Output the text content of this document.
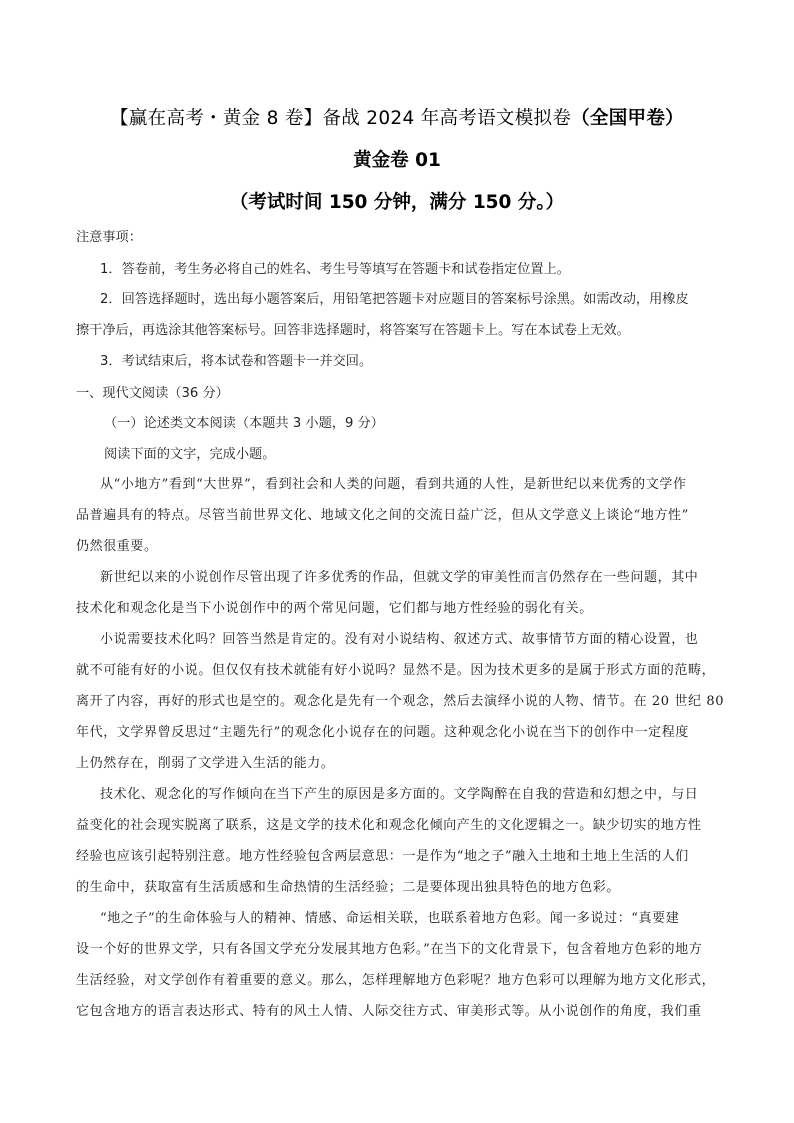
【赢在高考・黄金 8 卷】备战 2024 年高考语文模拟卷（全国甲卷）
黄金卷 01
（考试时间 150 分钟，满分 150 分。）
注意事项：
1．答卷前，考生务必将自己的姓名、考生号等填写在答题卡和试卷指定位置上。
2．回答选择题时，选出每小题答案后，用铅笔把答题卡对应题目的答案标号涂黑。如需改动，用橡皮
擦干净后，再选涂其他答案标号。回答非选择题时，将答案写在答题卡上。写在本试卷上无效。
3．考试结束后，将本试卷和答题卡一并交回。
一、现代文阅读（36 分）
（一）论述类文本阅读（本题共 3 小题，9 分）
阅读下面的文字，完成小题。
从“小地方”看到“大世界”，看到社会和人类的问题，看到共通的人性，是新世纪以来优秀的文学作
品普遍具有的特点。尽管当前世界文化、地域文化之间的交流日益广泛，但从文学意义上谈论“地方性”
仍然很重要。
新世纪以来的小说创作尽管出现了许多优秀的作品，但就文学的审美性而言仍然存在一些问题，其中
技术化和观念化是当下小说创作中的两个常见问题，它们都与地方性经验的弱化有关。
小说需要技术化吗？回答当然是肯定的。没有对小说结构、叙述方式、故事情节方面的精心设置，也
就不可能有好的小说。但仅仅有技术就能有好小说吗？显然不是。因为技术更多的是属于形式方面的范畴，
离开了内容，再好的形式也是空的。观念化是先有一个观念，然后去演绎小说的人物、情节。在 20 世纪 80
年代，文学界曾反思过“主题先行”的观念化小说存在的问题。这种观念化小说在当下的创作中一定程度
上仍然存在，削弱了文学进入生活的能力。
技术化、观念化的写作倾向在当下产生的原因是多方面的。文学陶醉在自我的营造和幻想之中，与日
益变化的社会现实脱离了联系，这是文学的技术化和观念化倾向产生的文化逻辑之一。缺少切实的地方性
经验也应该引起特别注意。地方性经验包含两层意思：一是作为“地之子”融入土地和土地上生活的人们
的生命中，获取富有生活质感和生命热情的生活经验；二是要体现出独具特色的地方色彩。
“地之子”的生命体验与人的精神、情感、命运相关联，也联系着地方色彩。闻一多说过：“真要建
设一个好的世界文学，只有各国文学充分发展其地方色彩。”在当下的文化背景下，包含着地方色彩的地方
生活经验，对文学创作有着重要的意义。那么，怎样理解地方色彩呢？地方色彩可以理解为地方文化形式，
它包含地方的语言表达形式、特有的风土人情、人际交往方式、审美形式等。从小说创作的角度，我们重
